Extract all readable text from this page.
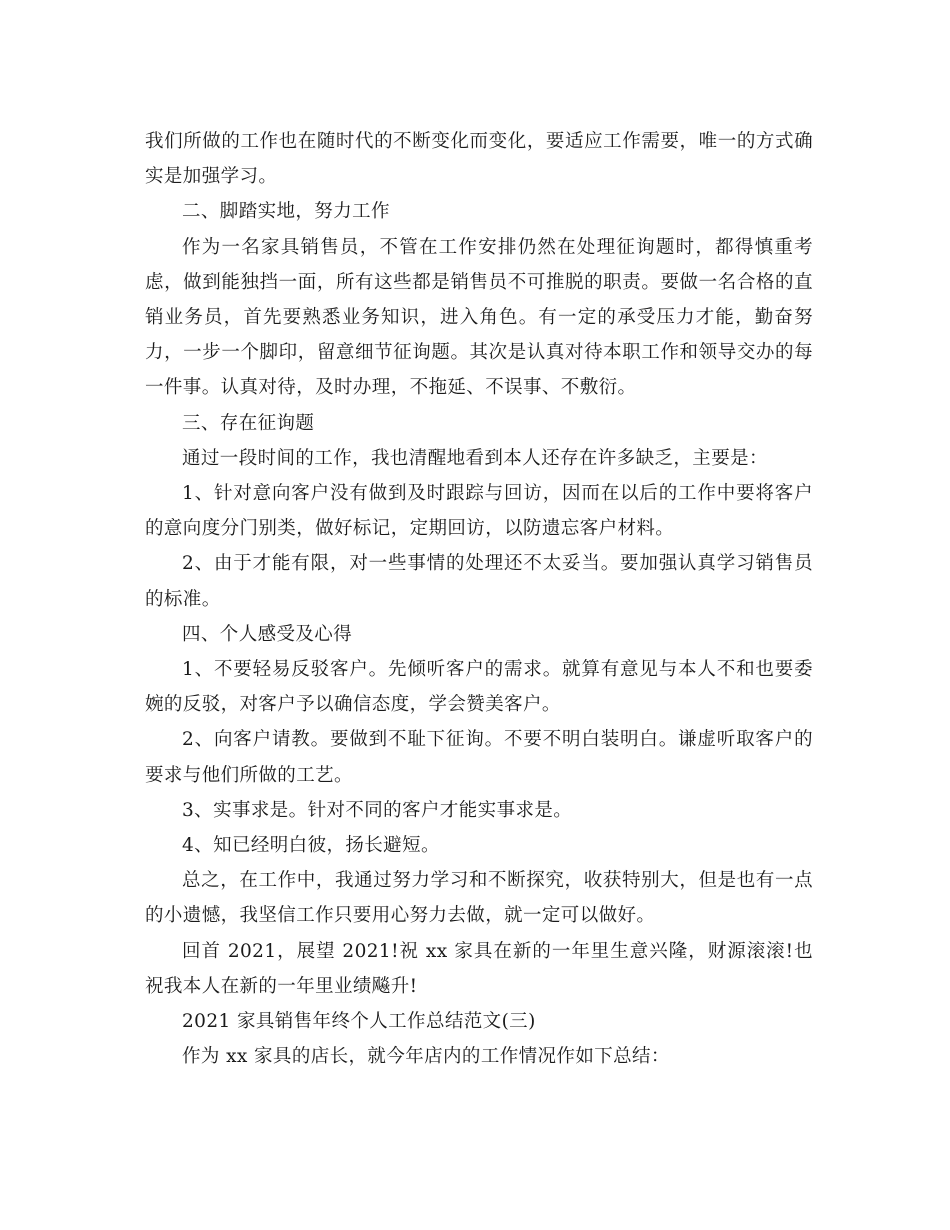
我们所做的工作也在随时代的不断变化而变化，要适应工作需要，唯一的方式确实是加强学习。

二、脚踏实地，努力工作

作为一名家具销售员，不管在工作安排仍然在处理征询题时，都得慎重考虑，做到能独挡一面，所有这些都是销售员不可推脱的职责。要做一名合格的直销业务员，首先要熟悉业务知识，进入角色。有一定的承受压力才能，勤奋努力，一步一个脚印，留意细节征询题。其次是认真对待本职工作和领导交办的每一件事。认真对待，及时办理，不拖延、不误事、不敷衍。

三、存在征询题

通过一段时间的工作，我也清醒地看到本人还存在许多缺乏，主要是：

1、针对意向客户没有做到及时跟踪与回访，因而在以后的工作中要将客户的意向度分门别类，做好标记，定期回访，以防遗忘客户材料。

2、由于才能有限，对一些事情的处理还不太妥当。要加强认真学习销售员的标准。

四、个人感受及心得

1、不要轻易反驳客户。先倾听客户的需求。就算有意见与本人不和也要委婉的反驳，对客户予以确信态度，学会赞美客户。

2、向客户请教。要做到不耻下征询。不要不明白装明白。谦虚听取客户的要求与他们所做的工艺。

3、实事求是。针对不同的客户才能实事求是。

4、知已经明白彼，扬长避短。

总之，在工作中，我通过努力学习和不断探究，收获特别大，但是也有一点的小遗憾，我坚信工作只要用心努力去做，就一定可以做好。

回首 2021，展望 2021!祝 xx 家具在新的一年里生意兴隆，财源滚滚!也祝我本人在新的一年里业绩飚升!

2021 家具销售年终个人工作总结范文(三)

作为 xx 家具的店长，就今年店内的工作情况作如下总结：
